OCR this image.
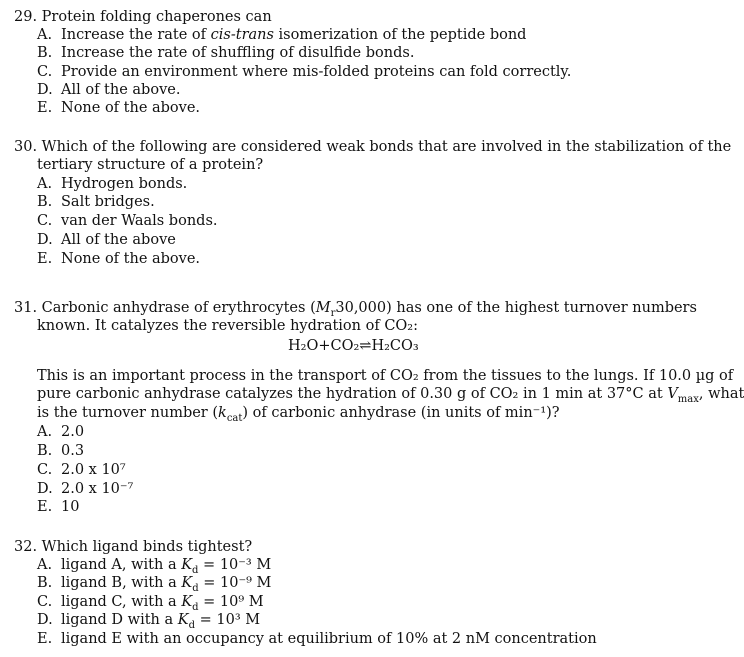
29. Protein folding chaperones can
A. Increase the rate of cis-trans isomerization of the peptide bond
B. Increase the rate of shuffling of disulfide bonds.
C. Provide an environment where mis-folded proteins can fold correctly.
D. All of the above.
E. None of the above.
30. Which of the following are considered weak bonds that are involved in the stabilization of the
tertiary structure of a protein?
A. Hydrogen bonds.
B. Salt bridges.
C. van der Waals bonds.
D. All of the above
E. None of the above.
31. Carbonic anhydrase of erythrocytes $(M_r30,000)$ has one of the highest turnover numbers
known. It catalyzes the reversible hydration of CO₂:
H₂O+CO₂⇌H₂CO₃
This is an important process in the transport of CO₂ from the tissues to the lungs. If 10.0 µg of
pure carbonic anhydrase catalyzes the hydration of 0.30 g of CO₂ in 1 min at 37°C at $V_{max}$, what
is the turnover number $(k_{cat})$ of carbonic anhydrase (in units of min⁻¹)?
A. 2.0
B. 0.3
C. 2.0 x 10⁷
D. 2.0 x 10⁻⁷
E. 10
32. Which ligand binds tightest?
A. ligand A, with a $K_d = 10^{-3}$ M
B. ligand B, with a $K_d = 10^{-9}$ M
C. ligand C, with a $K_d = 10^9$ M
D. ligand D with a $K_d = 10^3$ M
E. ligand E with an occupancy at equilibrium of 10% at 2 nM concentration
